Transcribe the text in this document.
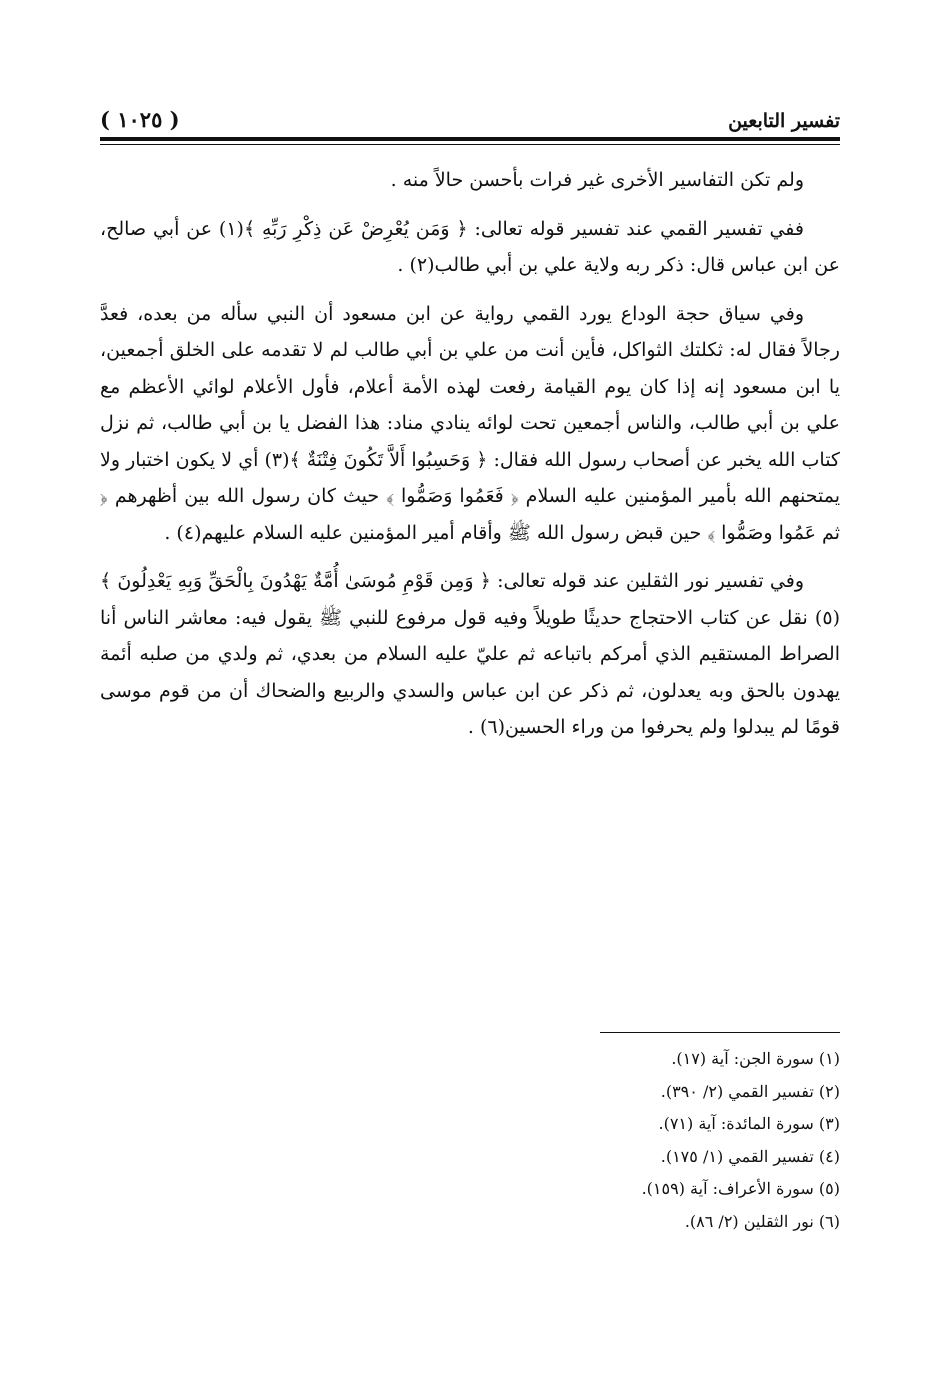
تفسير التابعين
( ١٠٢٥ )

ولم تكن التفاسير الأخرى غير فرات بأحسن حالاً منه .

ففي تفسير القمي عند تفسير قوله تعالى: ﴿ وَمَن يُعْرِضْ عَن ذِكْرِ رَبِّهِ ﴾(١) عن أبي صالح، عن ابن عباس قال: ذكر ربه ولاية علي بن أبي طالب(٢) .

وفي سياق حجة الوداع يورد القمي رواية عن ابن مسعود أن النبي سأله من بعده، فعدَّ رجالاً فقال له: ثكلتك الثواكل، فأين أنت من علي بن أبي طالب لم لا تقدمه على الخلق أجمعين، يا ابن مسعود إنه إذا كان يوم القيامة رفعت لهذه الأمة أعلام، فأول الأعلام لوائي الأعظم مع علي بن أبي طالب، والناس أجمعين تحت لوائه ينادي مناد: هذا الفضل يا بن أبي طالب، ثم نزل كتاب الله يخبر عن أصحاب رسول الله فقال: ﴿ وَحَسِبُوا أَلاَّ تَكُونَ فِتْنَةٌ ﴾(٣) أي لا يكون اختبار ولا يمتحنهم الله بأمير المؤمنين عليه السلام ﴿ فَعَمُوا وَصَمُّوا ﴾ حيث كان رسول الله بين أظهرهم ﴿ ثم عَمُوا وصَمُّوا ﴾ حين قبض رسول الله ﷺ وأقام أمير المؤمنين عليه السلام عليهم(٤) .

وفي تفسير نور الثقلين عند قوله تعالى: ﴿ وَمِن قَوْمِ مُوسَىٰ أُمَّةٌ يَهْدُونَ بِالْحَقِّ وَبِهِ يَعْدِلُونَ ﴾(٥) نقل عن كتاب الاحتجاج حديثًا طويلاً وفيه قول مرفوع للنبي ﷺ يقول فيه: معاشر الناس أنا الصراط المستقيم الذي أمركم باتباعه ثم عليّ عليه السلام من بعدي، ثم ولدي من صلبه أئمة يهدون بالحق وبه يعدلون، ثم ذكر عن ابن عباس والسدي والربيع والضحاك أن من قوم موسى قومًا لم يبدلوا ولم يحرفوا من وراء الحسين(٦) .

(١) سورة الجن: آية (١٧).
(٢) تفسير القمي (٢/ ٣٩٠).
(٣) سورة المائدة: آية (٧١).
(٤) تفسير القمي (١/ ١٧٥).
(٥) سورة الأعراف: آية (١٥٩).
(٦) نور الثقلين (٢/ ٨٦).
